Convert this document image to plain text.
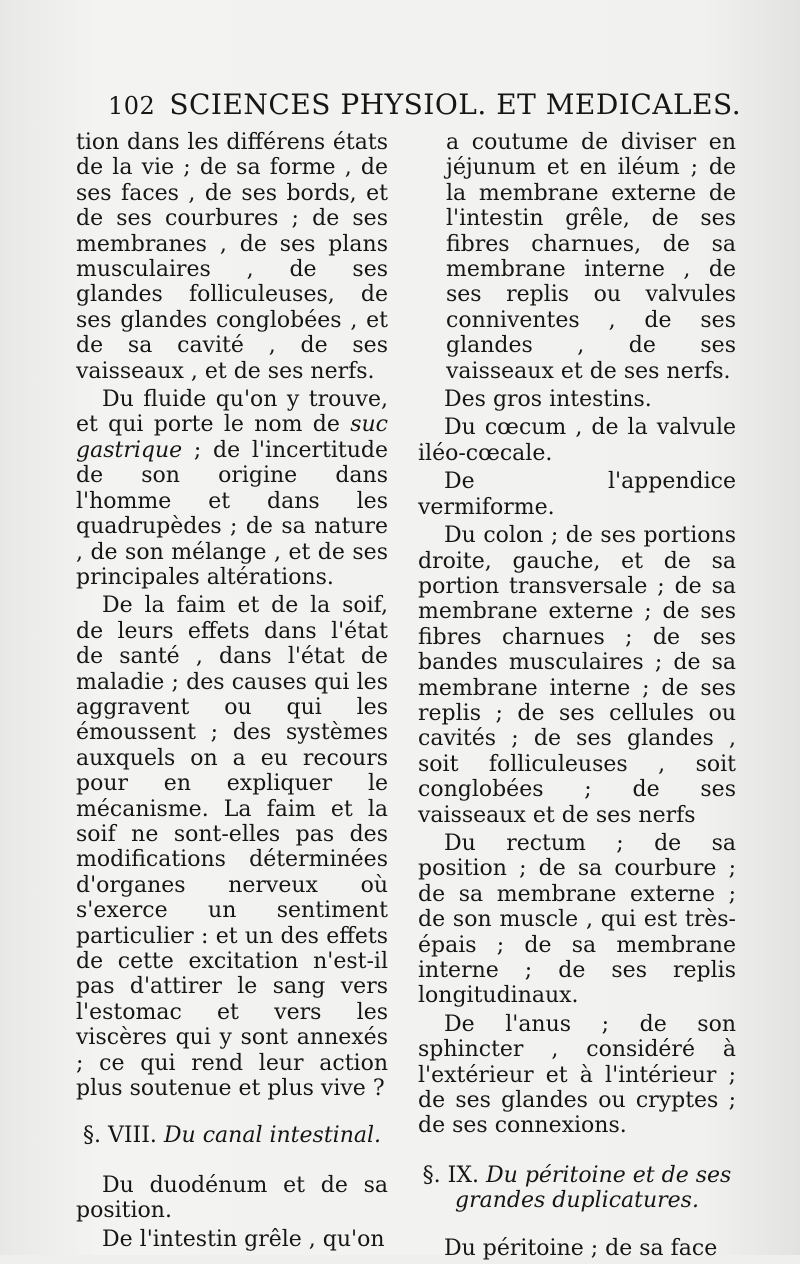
102 SCIENCES PHYSIOL. ET MEDICALES.

tion dans les différens états de la vie ; de sa forme , de ses faces , de ses bords, et de ses courbures ; de ses membranes , de ses plans musculaires , de ses glandes folliculeuses, de ses glandes conglobées , et de sa cavité , de ses vaisseaux , et de ses nerfs.

Du fluide qu'on y trouve, et qui porte le nom de suc gastrique ; de l'incertitude de son origine dans l'homme et dans les quadrupèdes ; de sa nature , de son mélange , et de ses principales altérations.

De la faim et de la soif, de leurs effets dans l'état de santé , dans l'état de maladie ; des causes qui les aggravent ou qui les émoussent ; des systèmes auxquels on a eu recours pour en expliquer le mécanisme. La faim et la soif ne sont-elles pas des modifications déterminées d'organes nerveux où s'exerce un sentiment particulier : et un des effets de cette excitation n'est-il pas d'attirer le sang vers l'estomac et vers les viscères qui y sont annexés ; ce qui rend leur action plus soutenue et plus vive ?

§. VIII. Du canal intestinal.

Du duodénum et de sa position.

De l'intestin grêle , qu'on

a coutume de diviser en jéjunum et en iléum ; de la membrane externe de l'intestin grêle, de ses fibres charnues, de sa membrane interne , de ses replis ou valvules conniventes , de ses glandes , de ses vaisseaux et de ses nerfs.

Des gros intestins.

Du cœcum , de la valvule iléo-cœcale.

De l'appendice vermiforme.

Du colon ; de ses portions droite, gauche, et de sa portion transversale ; de sa membrane externe ; de ses fibres charnues ; de ses bandes musculaires ; de sa membrane interne ; de ses replis ; de ses cellules ou cavités ; de ses glandes , soit folliculeuses , soit conglobées ; de ses vaisseaux et de ses nerfs

Du rectum ; de sa position ; de sa courbure ; de sa membrane externe ; de son muscle , qui est très-épais ; de sa membrane interne ; de ses replis longitudinaux.

De l'anus ; de son sphincter , considéré à l'extérieur et à l'intérieur ; de ses glandes ou cryptes ; de ses connexions.

§. IX. Du péritoine et de ses grandes duplicatures.

Du péritoine ; de sa face
